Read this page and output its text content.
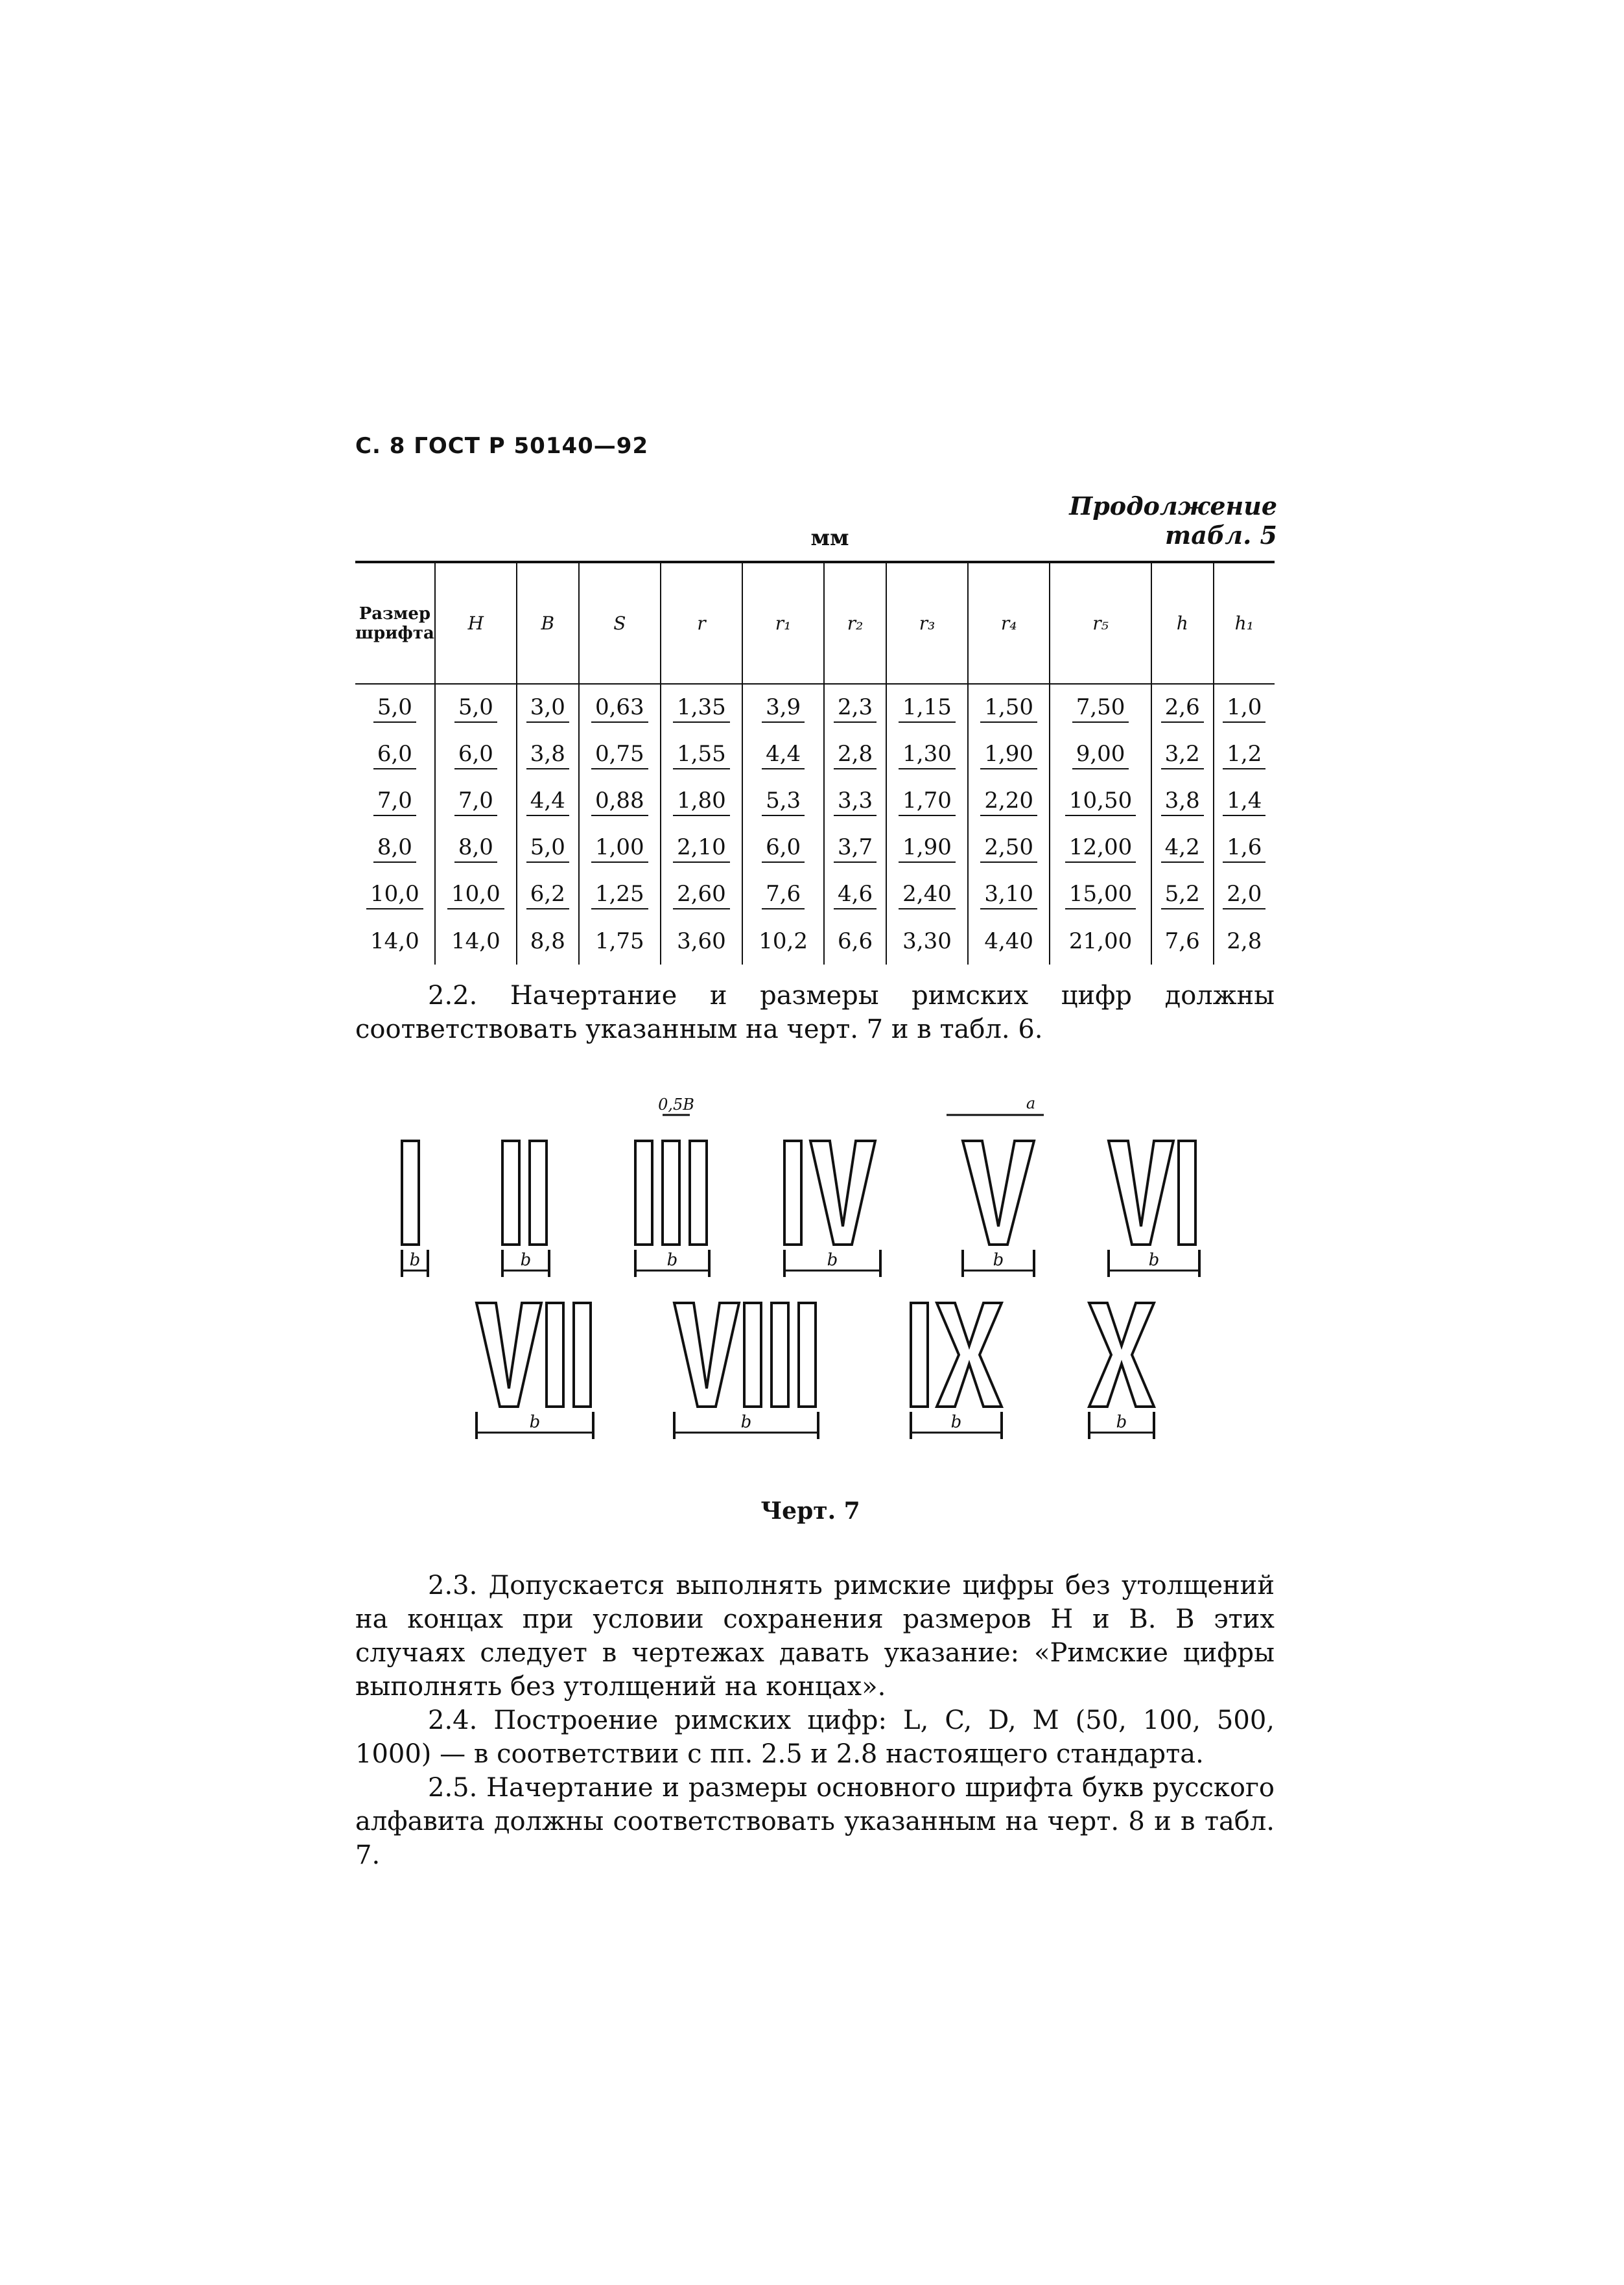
С. 8 ГОСТ Р 50140—92
Продолжение табл. 5
мм
Размер шрифта	H	B	S	r	r₁	r₂	r₃	r₄	r₅	h	h₁
5,0	5,0	3,0	0,63	1,35	3,9	2,3	1,15	1,50	7,50	2,6	1,0
6,0	6,0	3,8	0,75	1,55	4,4	2,8	1,30	1,90	9,00	3,2	1,2
7,0	7,0	4,4	0,88	1,80	5,3	3,3	1,70	2,20	10,50	3,8	1,4
8,0	8,0	5,0	1,00	2,10	6,0	3,7	1,90	2,50	12,00	4,2	1,6
10,0	10,0	6,2	1,25	2,60	7,6	4,6	2,40	3,10	15,00	5,2	2,0
14,0	14,0	8,8	1,75	3,60	10,2	6,6	3,30	4,40	21,00	7,6	2,8

2.2. Начертание и размеры римских цифр должны соответствовать указанным на черт. 7 и в табл. 6.

b	b	b	b	b	b
b	b	b	b
0,5B	a
Черт. 7

2.3. Допускается выполнять римские цифры без утолщений на концах при условии сохранения размеров H и B. В этих случаях следует в чертежах давать указание: «Римские цифры выполнять без утолщений на концах».

2.4. Построение римских цифр: L, C, D, M (50, 100, 500, 1000) — в соответствии с пп. 2.5 и 2.8 настоящего стандарта.

2.5. Начертание и размеры основного шрифта букв русского алфавита должны соответствовать указанным на черт. 8 и в табл. 7.
